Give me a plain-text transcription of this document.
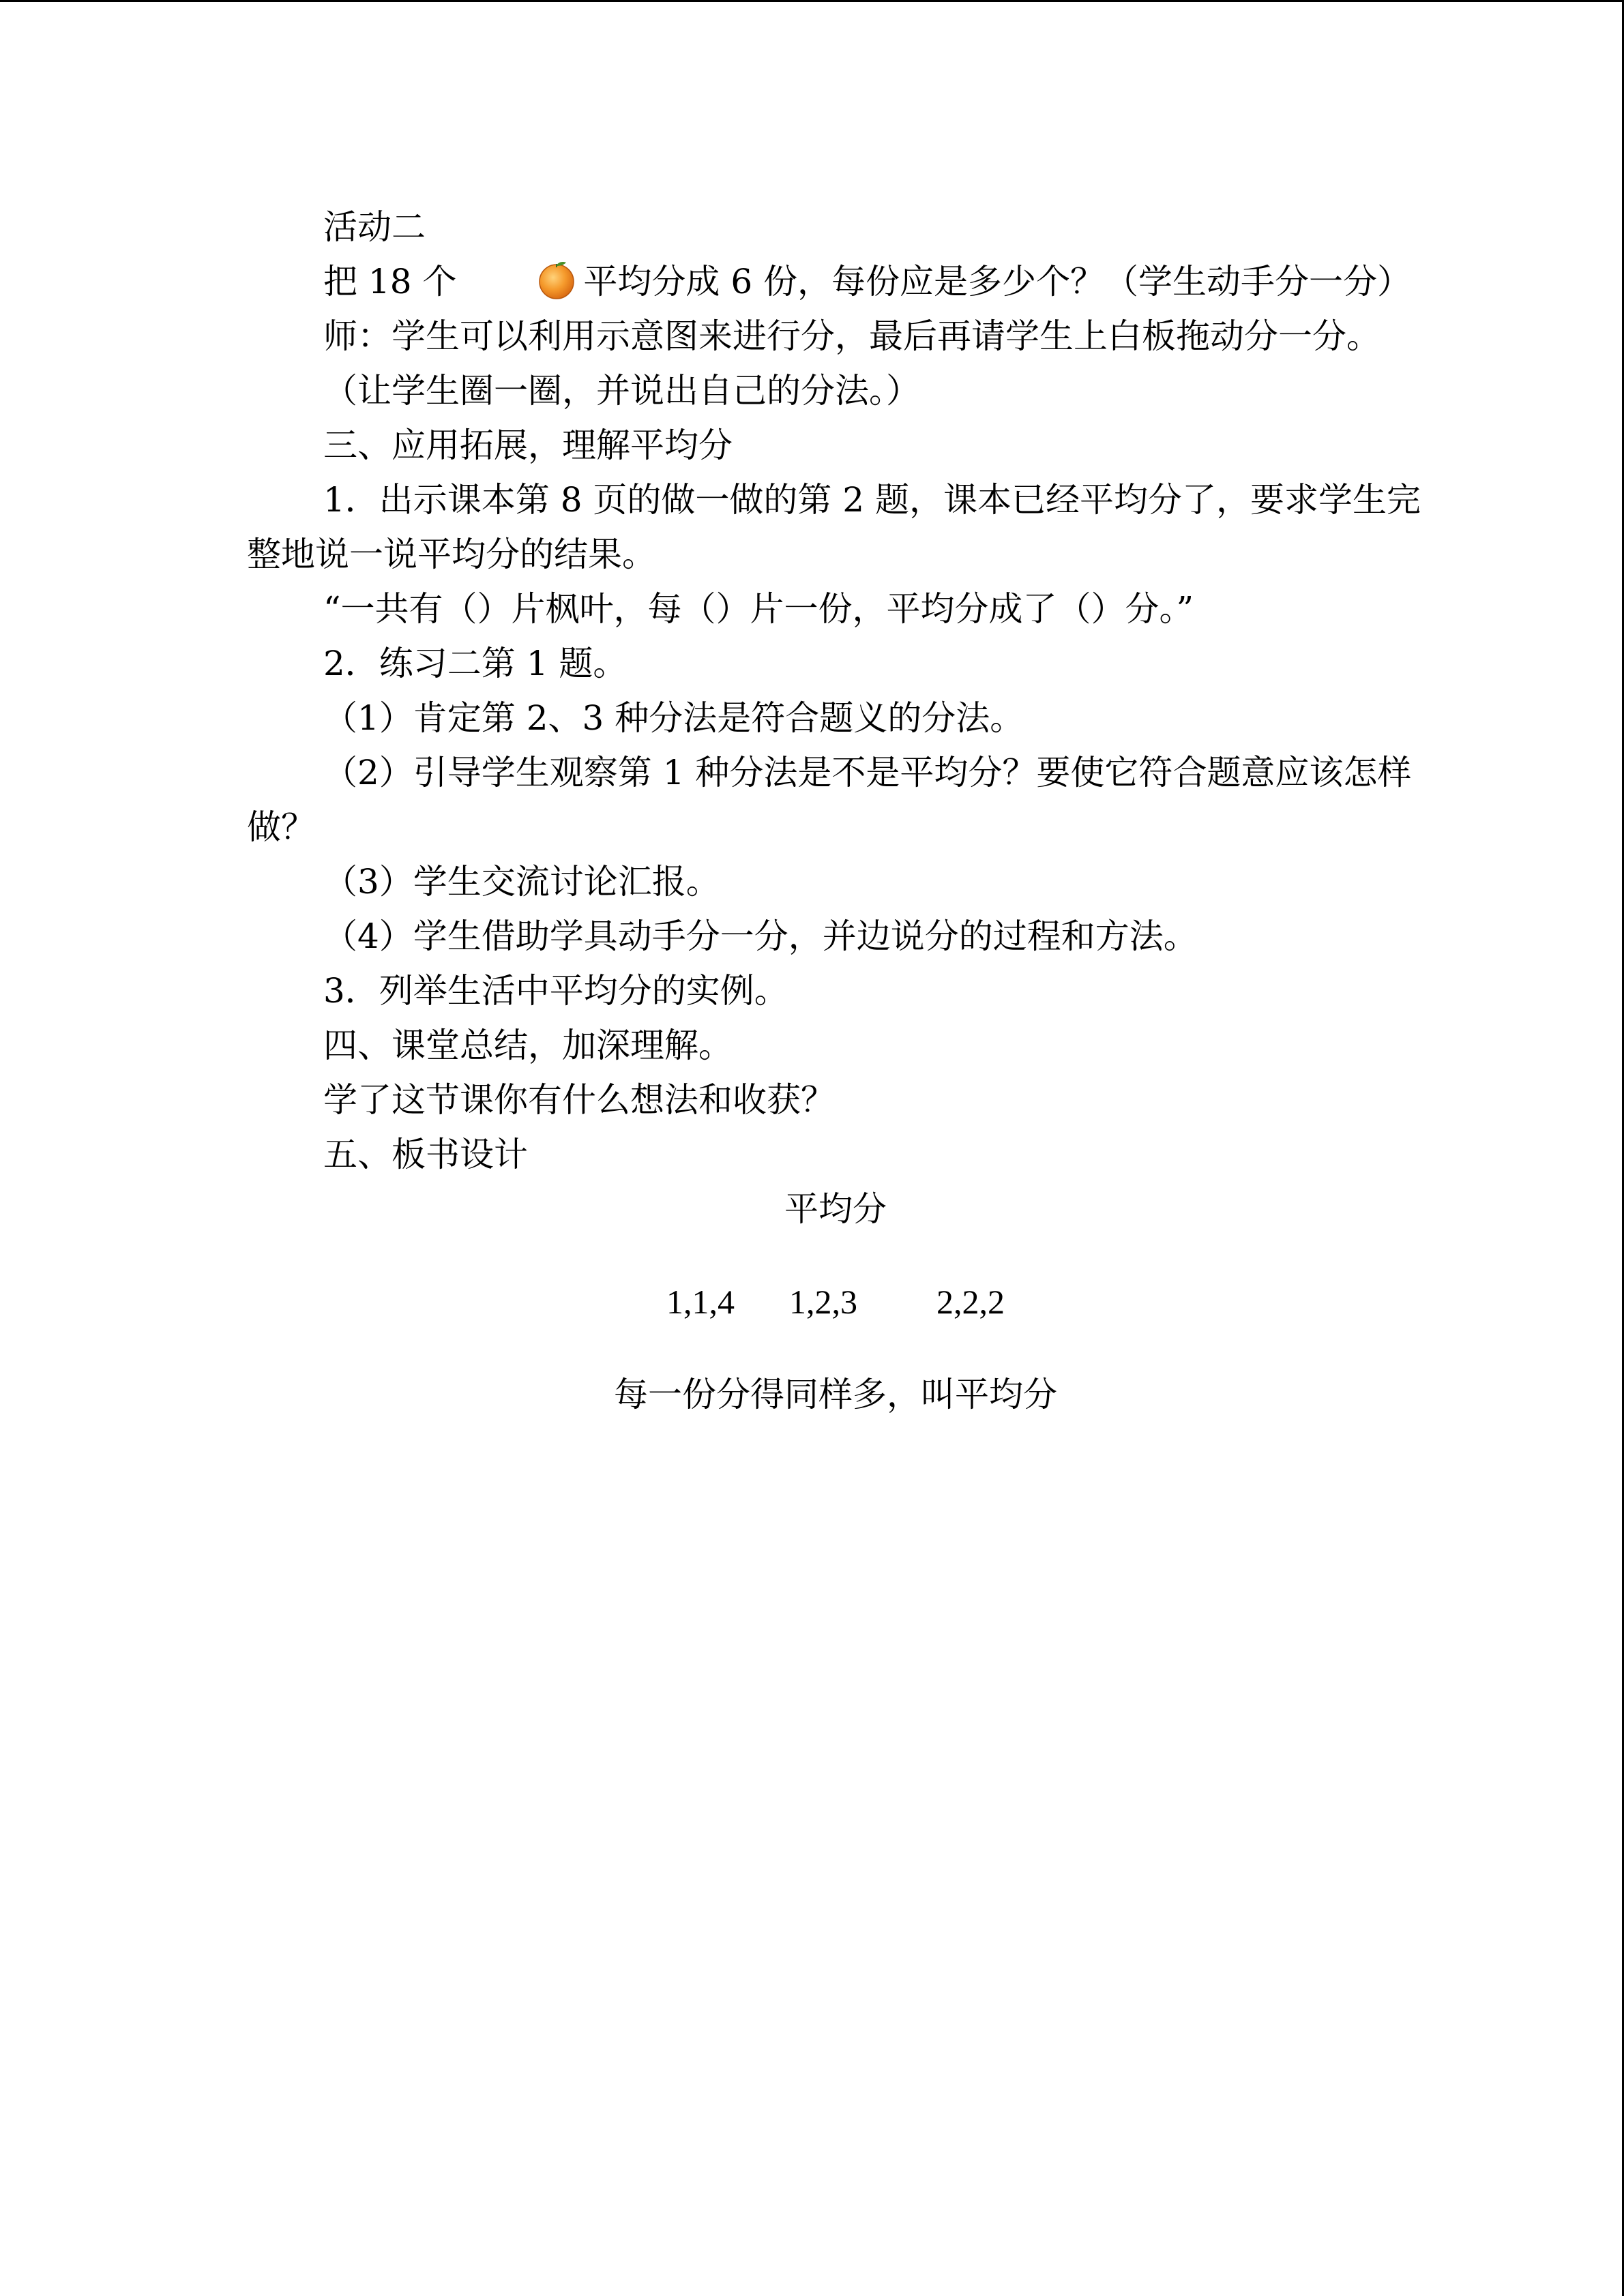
活动二

把 18 个	平均分成 6 份，每份应是多少个？（学生动手分一分）

师：学生可以利用示意图来进行分，最后再请学生上白板拖动分一分。

（让学生圈一圈，并说出自己的分法。）

三、应用拓展，理解平均分

1．出示课本第 8 页的做一做的第 2 题，课本已经平均分了，要求学生完整地说一说平均分的结果。

“一共有（）片枫叶，每（）片一份，平均分成了（）分。”

2．练习二第 1 题。

（1）肯定第 2、3 种分法是符合题义的分法。

（2）引导学生观察第 1 种分法是不是平均分？要使它符合题意应该怎样做？

（3）学生交流讨论汇报。

（4）学生借助学具动手分一分，并边说分的过程和方法。

3．列举生活中平均分的实例。

四、课堂总结，加深理解。

学了这节课你有什么想法和收获？

五、板书设计

平均分

1,1,4 1,2,3 2,2,2

每一份分得同样多，叫平均分
